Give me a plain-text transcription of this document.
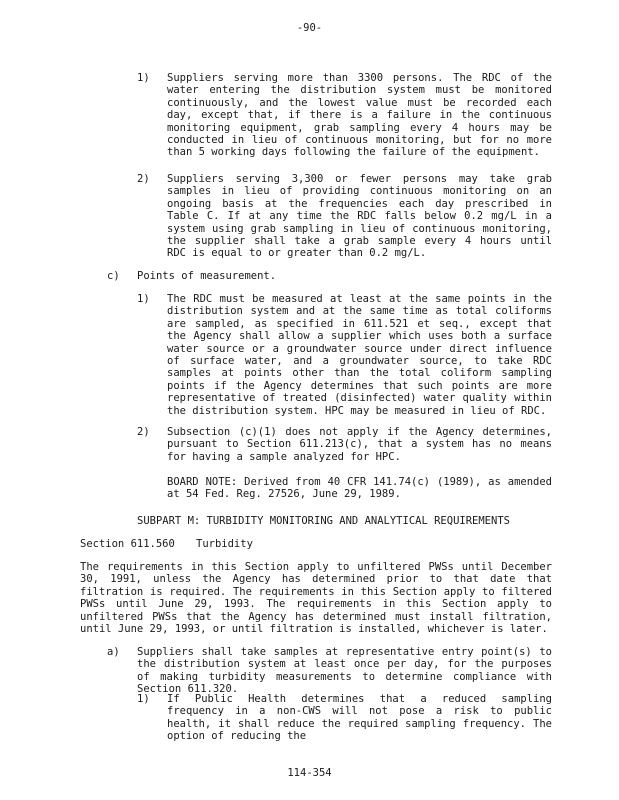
-90-
1) Suppliers serving more than 3300 persons. The RDC of the water entering the distribution system must be monitored continuously, and the lowest value must be recorded each day, except that, if there is a failure in the continuous monitoring equipment, grab sampling every 4 hours may be conducted in lieu of continuous monitoring, but for no more than 5 working days following the failure of the equipment.
2) Suppliers serving 3,300 or fewer persons may take grab samples in lieu of providing continuous monitoring on an ongoing basis at the frequencies each day prescribed in Table C. If at any time the RDC falls below 0.2 mg/L in a system using grab sampling in lieu of continuous monitoring, the supplier shall take a grab sample every 4 hours until RDC is equal to or greater than 0.2 mg/L.
c) Points of measurement.
1) The RDC must be measured at least at the same points in the distribution system and at the same time as total coliforms are sampled, as specified in 611.521 et seq., except that the Agency shall allow a supplier which uses both a surface water source or a groundwater source under direct influence of surface water, and a groundwater source, to take RDC samples at points other than the total coliform sampling points if the Agency determines that such points are more representative of treated (disinfected) water quality within the distribution system. HPC may be measured in lieu of RDC.
2) Subsection (c)(1) does not apply if the Agency determines, pursuant to Section 611.213(c), that a system has no means for having a sample analyzed for HPC.
BOARD NOTE: Derived from 40 CFR 141.74(c) (1989), as amended at 54 Fed. Reg. 27526, June 29, 1989.
SUBPART M: TURBIDITY MONITORING AND ANALYTICAL REQUIREMENTS
Section 611.560 Turbidity
The requirements in this Section apply to unfiltered PWSs until December 30, 1991, unless the Agency has determined prior to that date that filtration is required. The requirements in this Section apply to filtered PWSs until June 29, 1993. The requirements in this Section apply to unfiltered PWSs that the Agency has determined must install filtration, until June 29, 1993, or until filtration is installed, whichever is later.
a) Suppliers shall take samples at representative entry point(s) to the distribution system at least once per day, for the purposes of making turbidity measurements to determine compliance with Section 611.320.
1) If Public Health determines that a reduced sampling frequency in a non-CWS will not pose a risk to public health, it shall reduce the required sampling frequency. The option of reducing the
114-354
